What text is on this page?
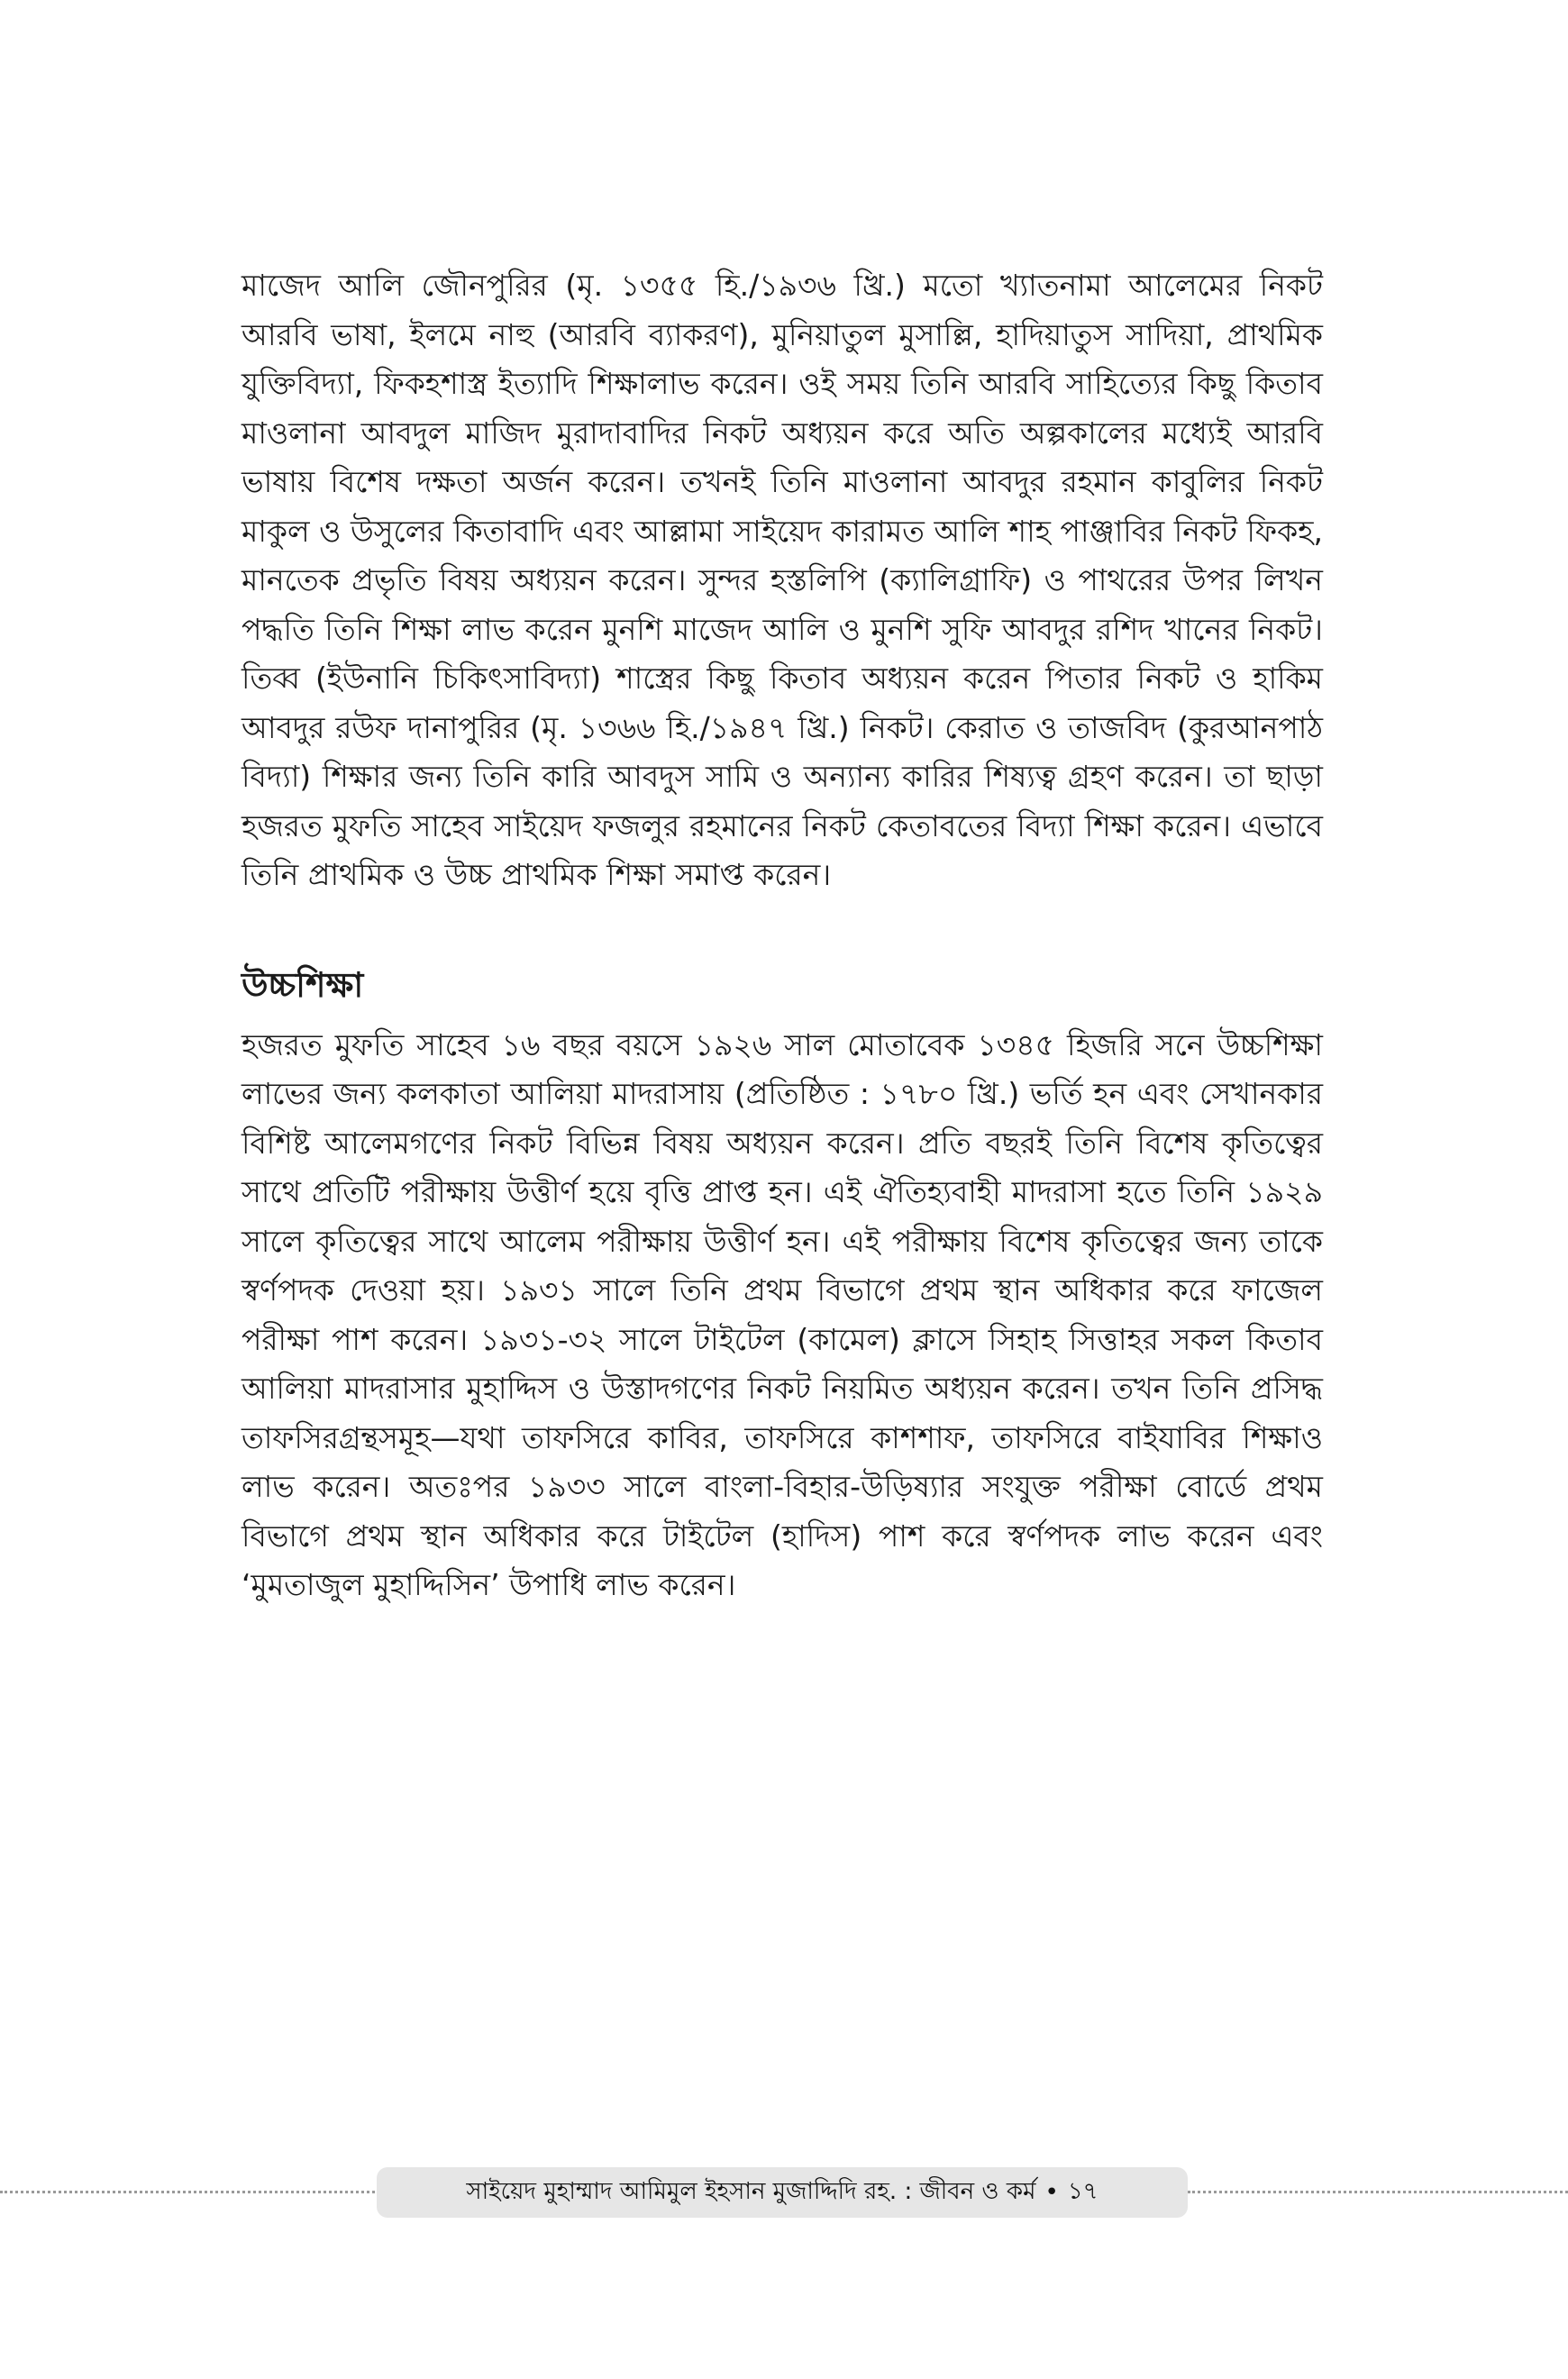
মাজেদ আলি জৌনপুরির (মৃ. ১৩৫৫ হি./১৯৩৬ খ্রি.) মতো খ্যাতনামা আলেমের নিকট আরবি ভাষা, ইলমে নাহু (আরবি ব্যাকরণ), মুনিয়াতুল মুসাল্লি, হাদিয়াতুস সাদিয়া, প্রাথমিক যুক্তিবিদ্যা, ফিকহশাস্ত্র ইত্যাদি শিক্ষালাভ করেন। ওই সময় তিনি আরবি সাহিত্যের কিছু কিতাব মাওলানা আবদুল মাজিদ মুরাদাবাদির নিকট অধ্যয়ন করে অতি অল্পকালের মধ্যেই আরবি ভাষায় বিশেষ দক্ষতা অর্জন করেন। তখনই তিনি মাওলানা আবদুর রহমান কাবুলির নিকট মাকুল ও উসুলের কিতাবাদি এবং আল্লামা সাইয়েদ কারামত আলি শাহ পাঞ্জাবির নিকট ফিকহ, মানতেক প্রভৃতি বিষয় অধ্যয়ন করেন। সুন্দর হস্তলিপি (ক্যালিগ্রাফি) ও পাথরের উপর লিখন পদ্ধতি তিনি শিক্ষা লাভ করেন মুনশি মাজেদ আলি ও মুনশি সুফি আবদুর রশিদ খানের নিকট। তিব্ব (ইউনানি চিকিৎসাবিদ্যা) শাস্ত্রের কিছু কিতাব অধ্যয়ন করেন পিতার নিকট ও হাকিম আবদুর রউফ দানাপুরির (মৃ. ১৩৬৬ হি./১৯৪৭ খ্রি.) নিকট। কেরাত ও তাজবিদ (কুরআনপাঠ বিদ্যা) শিক্ষার জন্য তিনি কারি আবদুস সামি ও অন্যান্য কারির শিষ্যত্ব গ্রহণ করেন। তা ছাড়া হজরত মুফতি সাহেব সাইয়েদ ফজলুর রহমানের নিকট কেতাবতের বিদ্যা শিক্ষা করেন। এভাবে তিনি প্রাথমিক ও উচ্চ প্রাথমিক শিক্ষা সমাপ্ত করেন।

উচ্চশিক্ষা

হজরত মুফতি সাহেব ১৬ বছর বয়সে ১৯২৬ সাল মোতাবেক ১৩৪৫ হিজরি সনে উচ্চশিক্ষা লাভের জন্য কলকাতা আলিয়া মাদরাসায় (প্রতিষ্ঠিত : ১৭৮০ খ্রি.) ভর্তি হন এবং সেখানকার বিশিষ্ট আলেমগণের নিকট বিভিন্ন বিষয় অধ্যয়ন করেন। প্রতি বছরই তিনি বিশেষ কৃতিত্বের সাথে প্রতিটি পরীক্ষায় উত্তীর্ণ হয়ে বৃত্তি প্রাপ্ত হন। এই ঐতিহ্যবাহী মাদরাসা হতে তিনি ১৯২৯ সালে কৃতিত্বের সাথে আলেম পরীক্ষায় উত্তীর্ণ হন। এই পরীক্ষায় বিশেষ কৃতিত্বের জন্য তাকে স্বর্ণপদক দেওয়া হয়। ১৯৩১ সালে তিনি প্রথম বিভাগে প্রথম স্থান অধিকার করে ফাজেল পরীক্ষা পাশ করেন। ১৯৩১-৩২ সালে টাইটেল (কামেল) ক্লাসে সিহাহ সিত্তাহর সকল কিতাব আলিয়া মাদরাসার মুহাদ্দিস ও উস্তাদগণের নিকট নিয়মিত অধ্যয়ন করেন। তখন তিনি প্রসিদ্ধ তাফসিরগ্রন্থসমূহ—যথা তাফসিরে কাবির, তাফসিরে কাশশাফ, তাফসিরে বাইযাবির শিক্ষাও লাভ করেন। অতঃপর ১৯৩৩ সালে বাংলা-বিহার-উড়িষ্যার সংযুক্ত পরীক্ষা বোর্ডে প্রথম বিভাগে প্রথম স্থান অধিকার করে টাইটেল (হাদিস) পাশ করে স্বর্ণপদক লাভ করেন এবং ‘মুমতাজুল মুহাদ্দিসিন’ উপাধি লাভ করেন।

সাইয়েদ মুহাম্মাদ আমিমুল ইহসান মুজাদ্দিদি রহ. : জীবন ও কর্ম • ১৭
